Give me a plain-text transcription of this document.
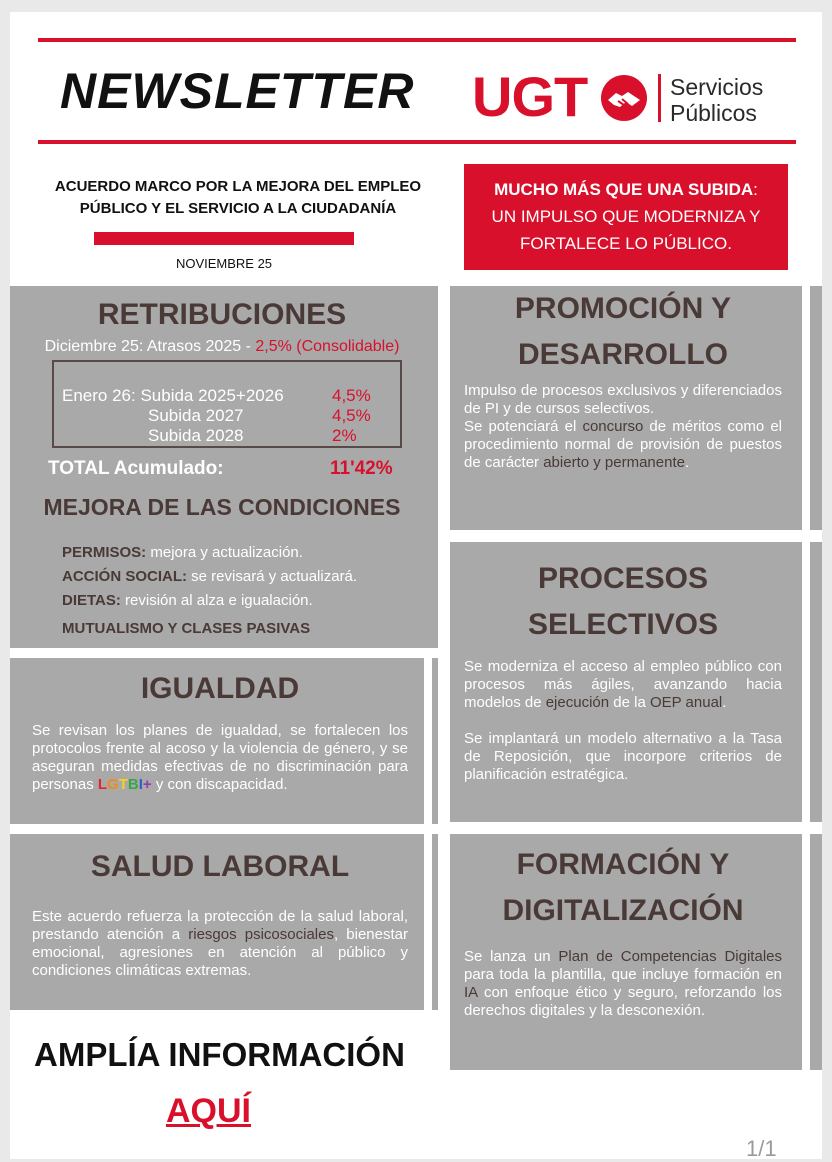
NEWSLETTER UGT	Servicios
Públicos
ACUERDO MARCO POR LA MEJORA DEL EMPLEO
PÚBLICO Y EL SERVICIO A LA CIUDADANÍA
NOVIEMBRE 25
MUCHO MÁS QUE UNA SUBIDA:
UN IMPULSO QUE MODERNIZA Y
FORTALECE LO PÚBLICO.
RETRIBUCIONES
Diciembre 25: Atrasos 2025 - 2,5% (Consolidable)
Enero 26: Subida 2025+2026	4,5%
Subida 2027	4,5%
Subida 2028	2%
TOTAL Acumulado:	11'42%
MEJORA DE LAS CONDICIONES
PERMISOS: mejora y actualización.
ACCIÓN SOCIAL: se revisará y actualizará.
DIETAS: revisión al alza e igualación.
MUTUALISMO Y CLASES PASIVAS
PROMOCIÓN Y
DESARROLLO

Impulso de procesos exclusivos y diferenciados de PI y de cursos selectivos.

Se potenciará el concurso de méritos como el procedimiento normal de provisión de puestos de carácter abierto y permanente.

PROCESOS
SELECTIVOS

Se moderniza el acceso al empleo público con procesos más ágiles, avanzando hacia modelos de ejecución de la OEP anual.

Se implantará un modelo alternativo a la Tasa de Reposición, que incorpore criterios de planificación estratégica.

IGUALDAD

Se revisan los planes de igualdad, se fortalecen los protocolos frente al acoso y la violencia de género, y se aseguran medidas efectivas de no discriminación para personas LGTBI+ y con discapacidad.

SALUD LABORAL

Este acuerdo refuerza la protección de la salud laboral, prestando atención a riesgos psicosociales, bienestar emocional, agresiones en atención al público y condiciones climáticas extremas.

FORMACIÓN Y
DIGITALIZACIÓN

Se lanza un Plan de Competencias Digitales para toda la plantilla, que incluye formación en IA con enfoque ético y seguro, reforzando los derechos digitales y la desconexión.

AMPLÍA INFORMACIÓN
AQUÍ
1/1
